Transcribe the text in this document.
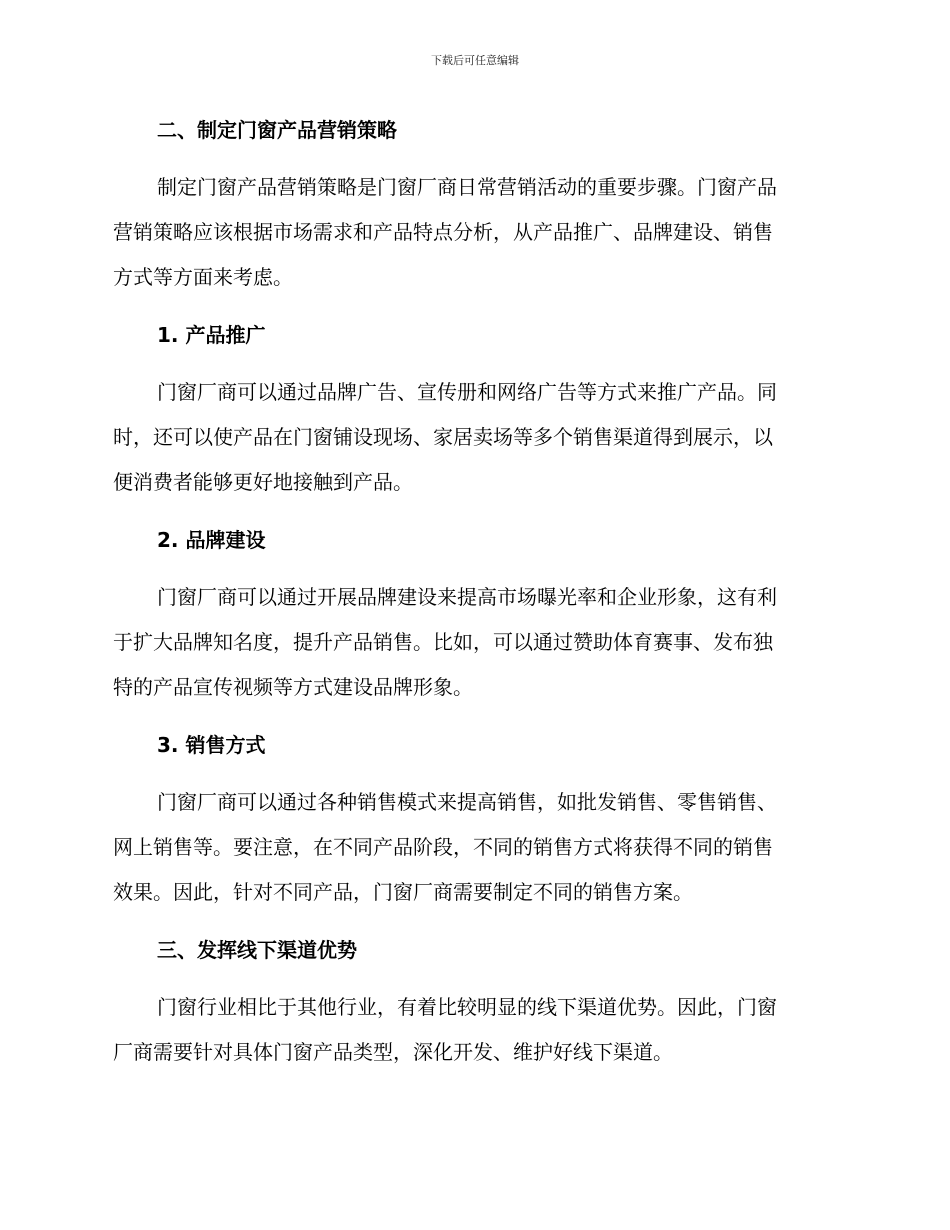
下载后可任意编辑
二、制定门窗产品营销策略

制定门窗产品营销策略是门窗厂商日常营销活动的重要步骤。门窗产品
营销策略应该根据市场需求和产品特点分析，从产品推广、品牌建设、销售
方式等方面来考虑。

1. 产品推广

门窗厂商可以通过品牌广告、宣传册和网络广告等方式来推广产品。同
时，还可以使产品在门窗铺设现场、家居卖场等多个销售渠道得到展示，以
便消费者能够更好地接触到产品。

2. 品牌建设

门窗厂商可以通过开展品牌建设来提高市场曝光率和企业形象，这有利
于扩大品牌知名度，提升产品销售。比如，可以通过赞助体育赛事、发布独
特的产品宣传视频等方式建设品牌形象。

3. 销售方式

门窗厂商可以通过各种销售模式来提高销售，如批发销售、零售销售、
网上销售等。要注意，在不同产品阶段，不同的销售方式将获得不同的销售
效果。因此，针对不同产品，门窗厂商需要制定不同的销售方案。

三、发挥线下渠道优势

门窗行业相比于其他行业，有着比较明显的线下渠道优势。因此，门窗
厂商需要针对具体门窗产品类型，深化开发、维护好线下渠道。
